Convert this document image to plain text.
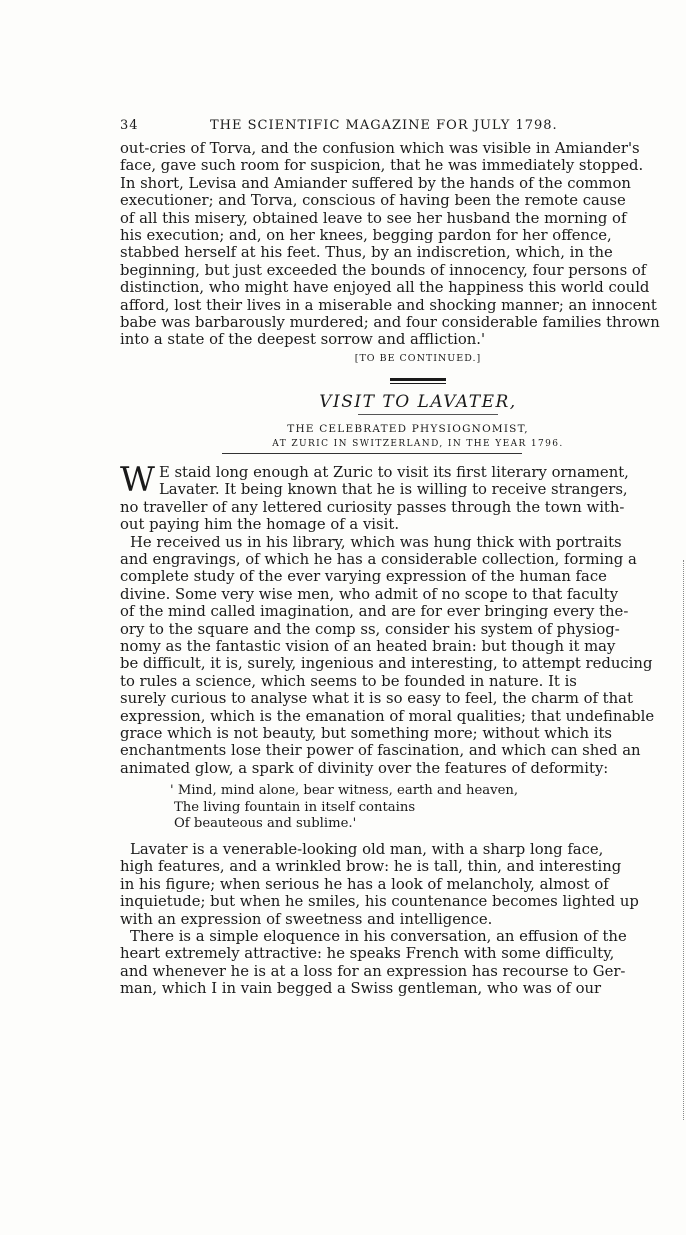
34	THE SCIENTIFIC MAGAZINE FOR JULY 1798.
out-cries of Torva, and the confusion which was visible in Amiander's
face, gave such room for suspicion, that he was immediately stopped.
In short, Levisa and Amiander suffered by the hands of the common
executioner; and Torva, conscious of having been the remote cause
of all this misery, obtained leave to see her husband the morning of
his execution; and, on her knees, begging pardon for her offence,
stabbed herself at his feet. Thus, by an indiscretion, which, in the
beginning, but just exceeded the bounds of innocency, four persons of
distinction, who might have enjoyed all the happiness this world could
afford, lost their lives in a miserable and shocking manner; an innocent
babe was barbarously murdered; and four considerable families thrown
into a state of the deepest sorrow and affliction.'
[TO BE CONTINUED.]
VISIT TO LAVATER,
THE CELEBRATED PHYSIOGNOMIST,
AT ZURIC IN SWITZERLAND, IN THE YEAR 1796.
W E staid long enough at Zuric to visit its first literary ornament,
Lavater. It being known that he is willing to receive strangers,
no traveller of any lettered curiosity passes through the town with-
out paying him the homage of a visit.
He received us in his library, which was hung thick with portraits
and engravings, of which he has a considerable collection, forming a
complete study of the ever varying expression of the human face
divine. Some very wise men, who admit of no scope to that faculty
of the mind called imagination, and are for ever bringing every the-
ory to the square and the comp ss, consider his system of physiog-
nomy as the fantastic vision of an heated brain: but though it may
be difficult, it is, surely, ingenious and interesting, to attempt reducing
to rules a science, which seems to be founded in nature. It is
surely curious to analyse what it is so easy to feel, the charm of that
expression, which is the emanation of moral qualities; that undefinable
grace which is not beauty, but something more; without which its
enchantments lose their power of fascination, and which can shed an
animated glow, a spark of divinity over the features of deformity:
' Mind, mind alone, bear witness, earth and heaven,
The living fountain in itself contains
Of beauteous and sublime.'
Lavater is a venerable-looking old man, with a sharp long face,
high features, and a wrinkled brow: he is tall, thin, and interesting
in his figure; when serious he has a look of melancholy, almost of
inquietude; but when he smiles, his countenance becomes lighted up
with an expression of sweetness and intelligence.
There is a simple eloquence in his conversation, an effusion of the
heart extremely attractive: he speaks French with some difficulty,
and whenever he is at a loss for an expression has recourse to Ger-
man, which I in vain begged a Swiss gentleman, who was of our
